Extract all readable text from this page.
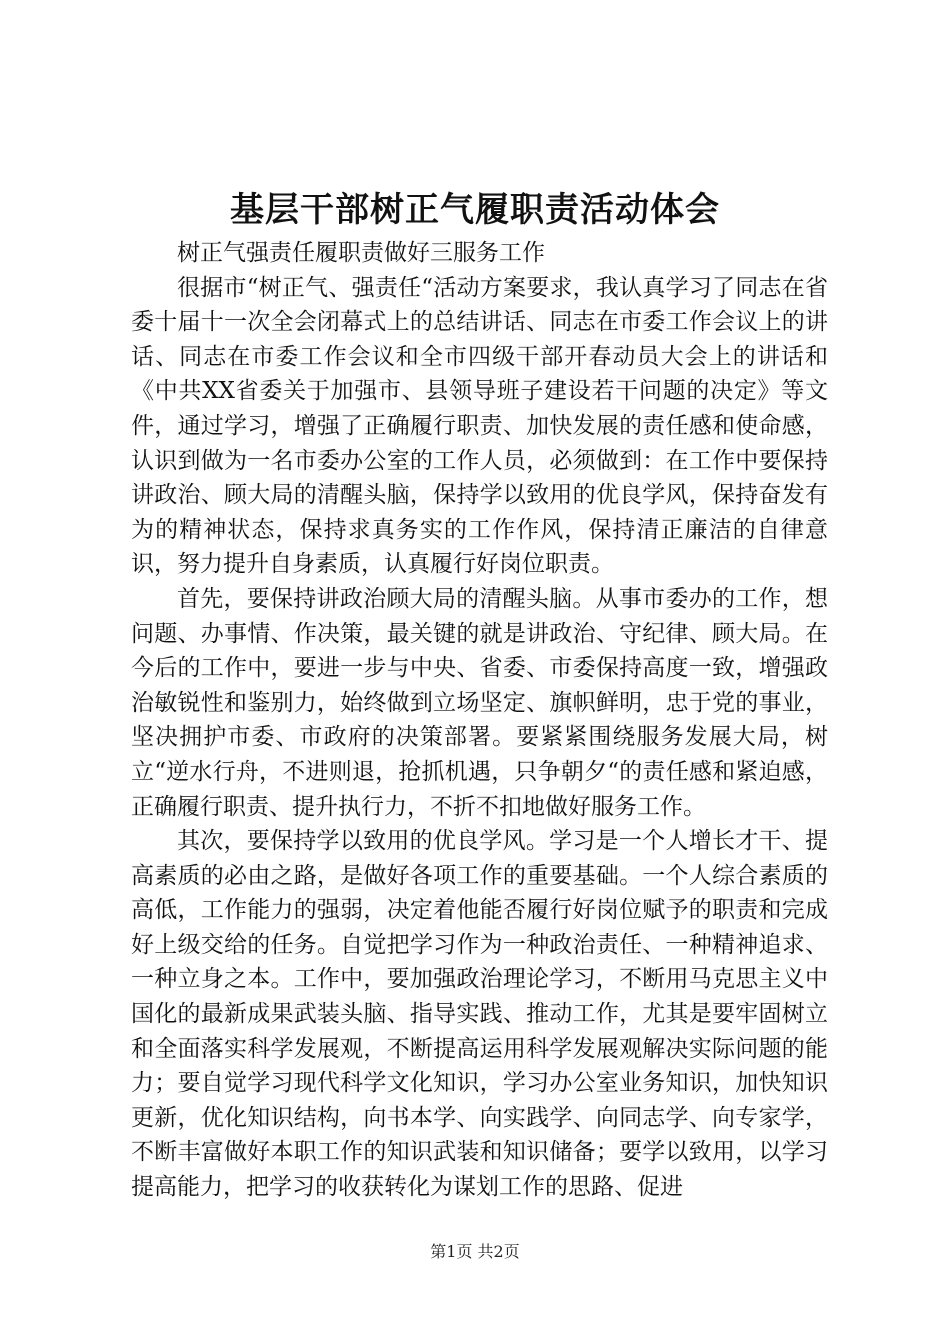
基层干部树正气履职责活动体会

树正气强责任履职责做好三服务工作

很据市“树正气、强责任“活动方案要求，我认真学习了同志在省委十届十一次全会闭幕式上的总结讲话、同志在市委工作会议上的讲话、同志在市委工作会议和全市四级干部开春动员大会上的讲话和《中共XX省委关于加强市、县领导班子建设若干问题的决定》等文件，通过学习，增强了正确履行职责、加快发展的责任感和使命感，认识到做为一名市委办公室的工作人员，必须做到：在工作中要保持讲政治、顾大局的清醒头脑，保持学以致用的优良学风，保持奋发有为的精神状态，保持求真务实的工作作风，保持清正廉洁的自律意识，努力提升自身素质，认真履行好岗位职责。

首先，要保持讲政治顾大局的清醒头脑。从事市委办的工作，想问题、办事情、作决策，最关键的就是讲政治、守纪律、顾大局。在今后的工作中，要进一步与中央、省委、市委保持高度一致，增强政治敏锐性和鉴别力，始终做到立场坚定、旗帜鲜明，忠于党的事业，坚决拥护市委、市政府的决策部署。要紧紧围绕服务发展大局，树立“逆水行舟，不进则退，抢抓机遇，只争朝夕“的责任感和紧迫感，正确履行职责、提升执行力，不折不扣地做好服务工作。

其次，要保持学以致用的优良学风。学习是一个人增长才干、提高素质的必由之路，是做好各项工作的重要基础。一个人综合素质的高低，工作能力的强弱，决定着他能否履行好岗位赋予的职责和完成好上级交给的任务。自觉把学习作为一种政治责任、一种精神追求、一种立身之本。工作中，要加强政治理论学习，不断用马克思主义中国化的最新成果武装头脑、指导实践、推动工作，尤其是要牢固树立和全面落实科学发展观，不断提高运用科学发展观解决实际问题的能力；要自觉学习现代科学文化知识，学习办公室业务知识，加快知识更新，优化知识结构，向书本学、向实践学、向同志学、向专家学，不断丰富做好本职工作的知识武装和知识储备；要学以致用，以学习提高能力，把学习的收获转化为谋划工作的思路、促进

第1页 共2页
